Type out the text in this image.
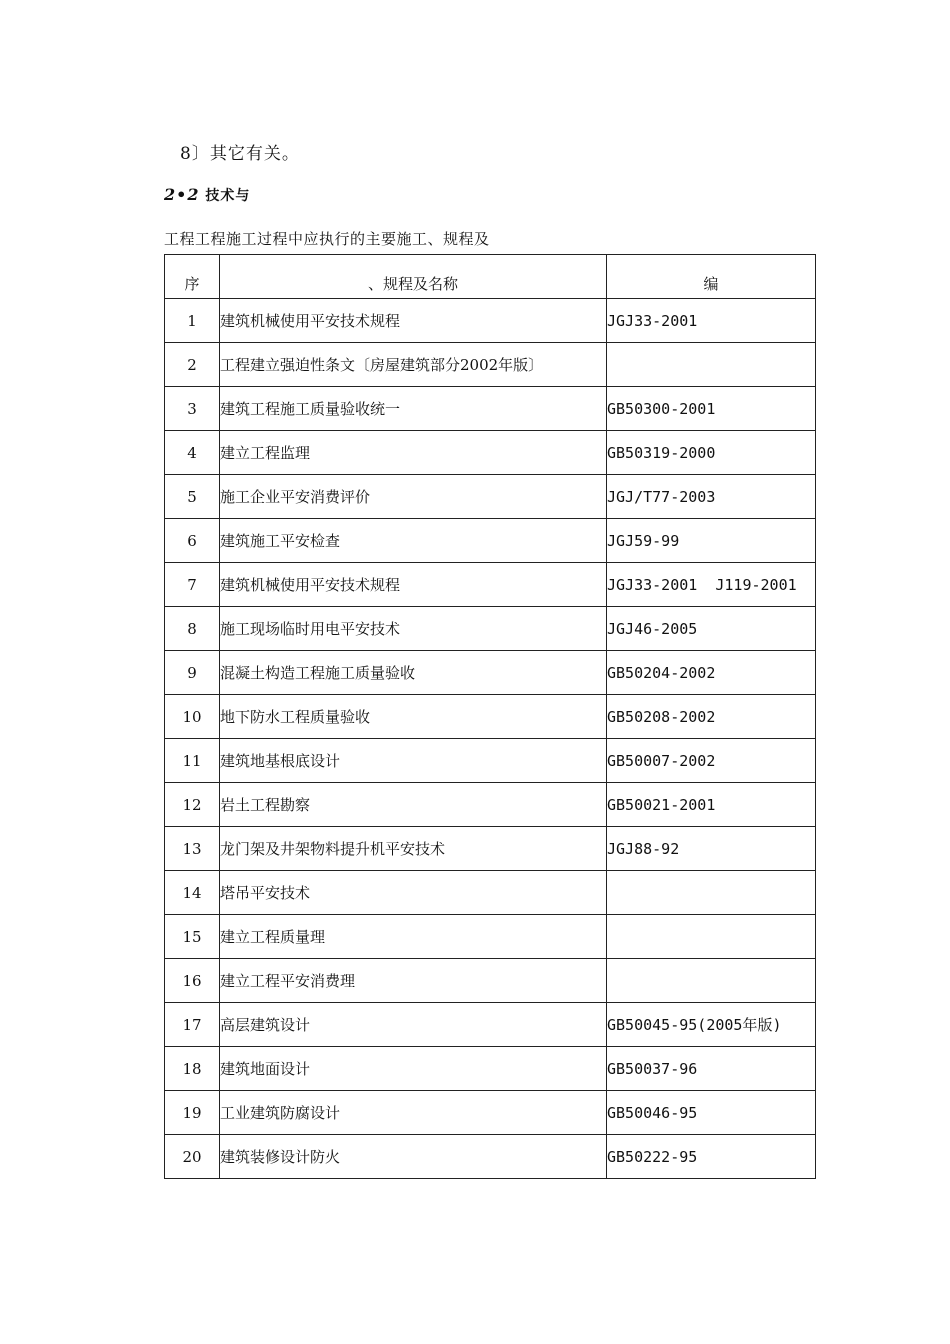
8〕其它有关。
2•2 技术与
工程工程施工过程中应执行的主要施工、规程及
序	、规程及名称	编
1	建筑机械使用平安技术规程	JGJ33-2001
2	工程建立强迫性条文〔房屋建筑部分2002年版〕	
3	建筑工程施工质量验收统一	GB50300-2001
4	建立工程监理	GB50319-2000
5	施工企业平安消费评价	JGJ/T77-2003
6	建筑施工平安检查	JGJ59-99
7	建筑机械使用平安技术规程	JGJ33-2001  J119-2001
8	施工现场临时用电平安技术	JGJ46-2005
9	混凝土构造工程施工质量验收	GB50204-2002
10	地下防水工程质量验收	GB50208-2002
11	建筑地基根底设计	GB50007-2002
12	岩土工程勘察	GB50021-2001
13	龙门架及井架物料提升机平安技术	JGJ88-92
14	塔吊平安技术	
15	建立工程质量理	
16	建立工程平安消费理	
17	高层建筑设计	GB50045-95(2005年版)
18	建筑地面设计	GB50037-96
19	工业建筑防腐设计	GB50046-95
20	建筑装修设计防火	GB50222-95
